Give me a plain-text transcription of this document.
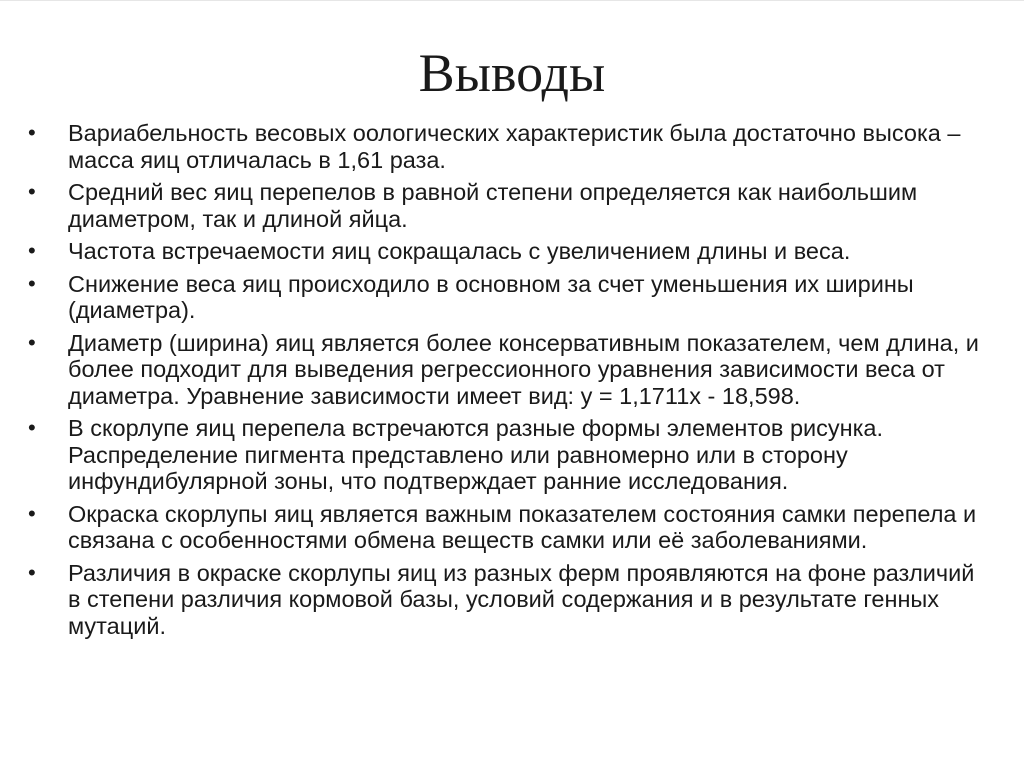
Выводы
•	Вариабельность весовых оологических характеристик была достаточно высока – масса яиц отличалась в 1,61 раза.
•	Средний вес яиц перепелов в равной степени определяется как наибольшим диаметром, так и длиной яйца.
•	Частота встречаемости яиц сокращалась с увеличением длины и веса.
•	Снижение веса яиц происходило в основном за счет уменьшения их ширины (диаметра).
•	Диаметр (ширина) яиц является более консервативным показателем, чем длина, и более подходит для выведения регрессионного уравнения зависимости веса от диаметра. Уравнение зависимости имеет вид: у = 1,1711х - 18,598.
•	В скорлупе яиц перепела встречаются разные формы элементов рисунка. Распределение пигмента представлено или равномерно или в сторону инфундибулярной зоны, что подтверждает ранние исследования.
•	Окраска скорлупы яиц является важным показателем состояния самки перепела и связана с особенностями обмена веществ самки или её заболеваниями.
•	Различия в окраске скорлупы яиц из разных ферм проявляются на фоне различий в степени различия кормовой базы, условий содержания и в результате генных мутаций.
